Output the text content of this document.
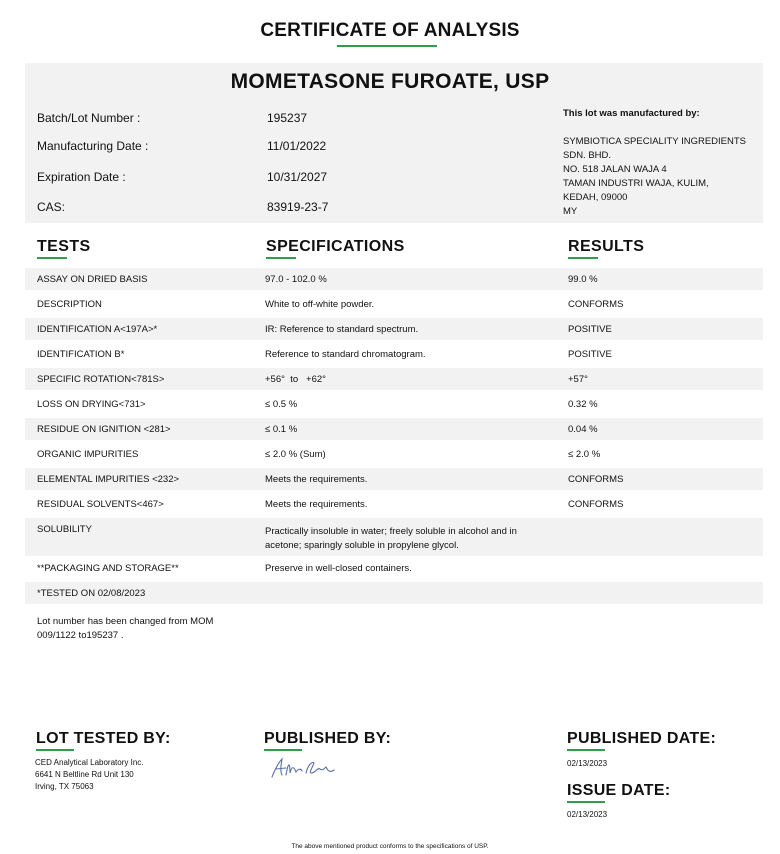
CERTIFICATE OF ANALYSIS
MOMETASONE FUROATE, USP
Batch/Lot Number :	195237
Manufacturing Date :	11/01/2022
Expiration Date :	10/31/2027
CAS:	83919-23-7
This lot was manufactured by:
SYMBIOTICA SPECIALITY INGREDIENTS
SDN. BHD.
NO. 518 JALAN WAJA 4
TAMAN INDUSTRI WAJA, KULIM,
KEDAH, 09000
MY
TESTS	SPECIFICATIONS	RESULTS
ASSAY ON DRIED BASIS	97.0 - 102.0 %	99.0 %
DESCRIPTION	White to off-white powder.	CONFORMS
IDENTIFICATION A<197A>*	IR: Reference to standard spectrum.	POSITIVE
IDENTIFICATION B*	Reference to standard chromatogram.	POSITIVE
SPECIFIC ROTATION<781S>	+56°  to   +62°	+57°
LOSS ON DRYING<731>	≤ 0.5 %	0.32 %
RESIDUE ON IGNITION <281>	≤ 0.1 %	0.04 %
ORGANIC IMPURITIES	≤ 2.0 % (Sum)	≤ 2.0 %
ELEMENTAL IMPURITIES <232>	Meets the requirements.	CONFORMS
RESIDUAL SOLVENTS<467>	Meets the requirements.	CONFORMS
SOLUBILITY	Practically insoluble in water; freely soluble in alcohol and in
acetone; sparingly soluble in propylene glycol.
**PACKAGING AND STORAGE**	Preserve in well-closed containers.
*TESTED ON 02/08/2023
Lot number has been changed from MOM
009/1122 to195237 .
LOT TESTED BY:
CED Analytical Laboratory Inc.
6641 N Beltline Rd Unit 130
Irving, TX 75063
PUBLISHED BY:	PUBLISHED DATE:
02/13/2023
ISSUE DATE:
02/13/2023
The above mentioned product conforms to the specifications of USP.
